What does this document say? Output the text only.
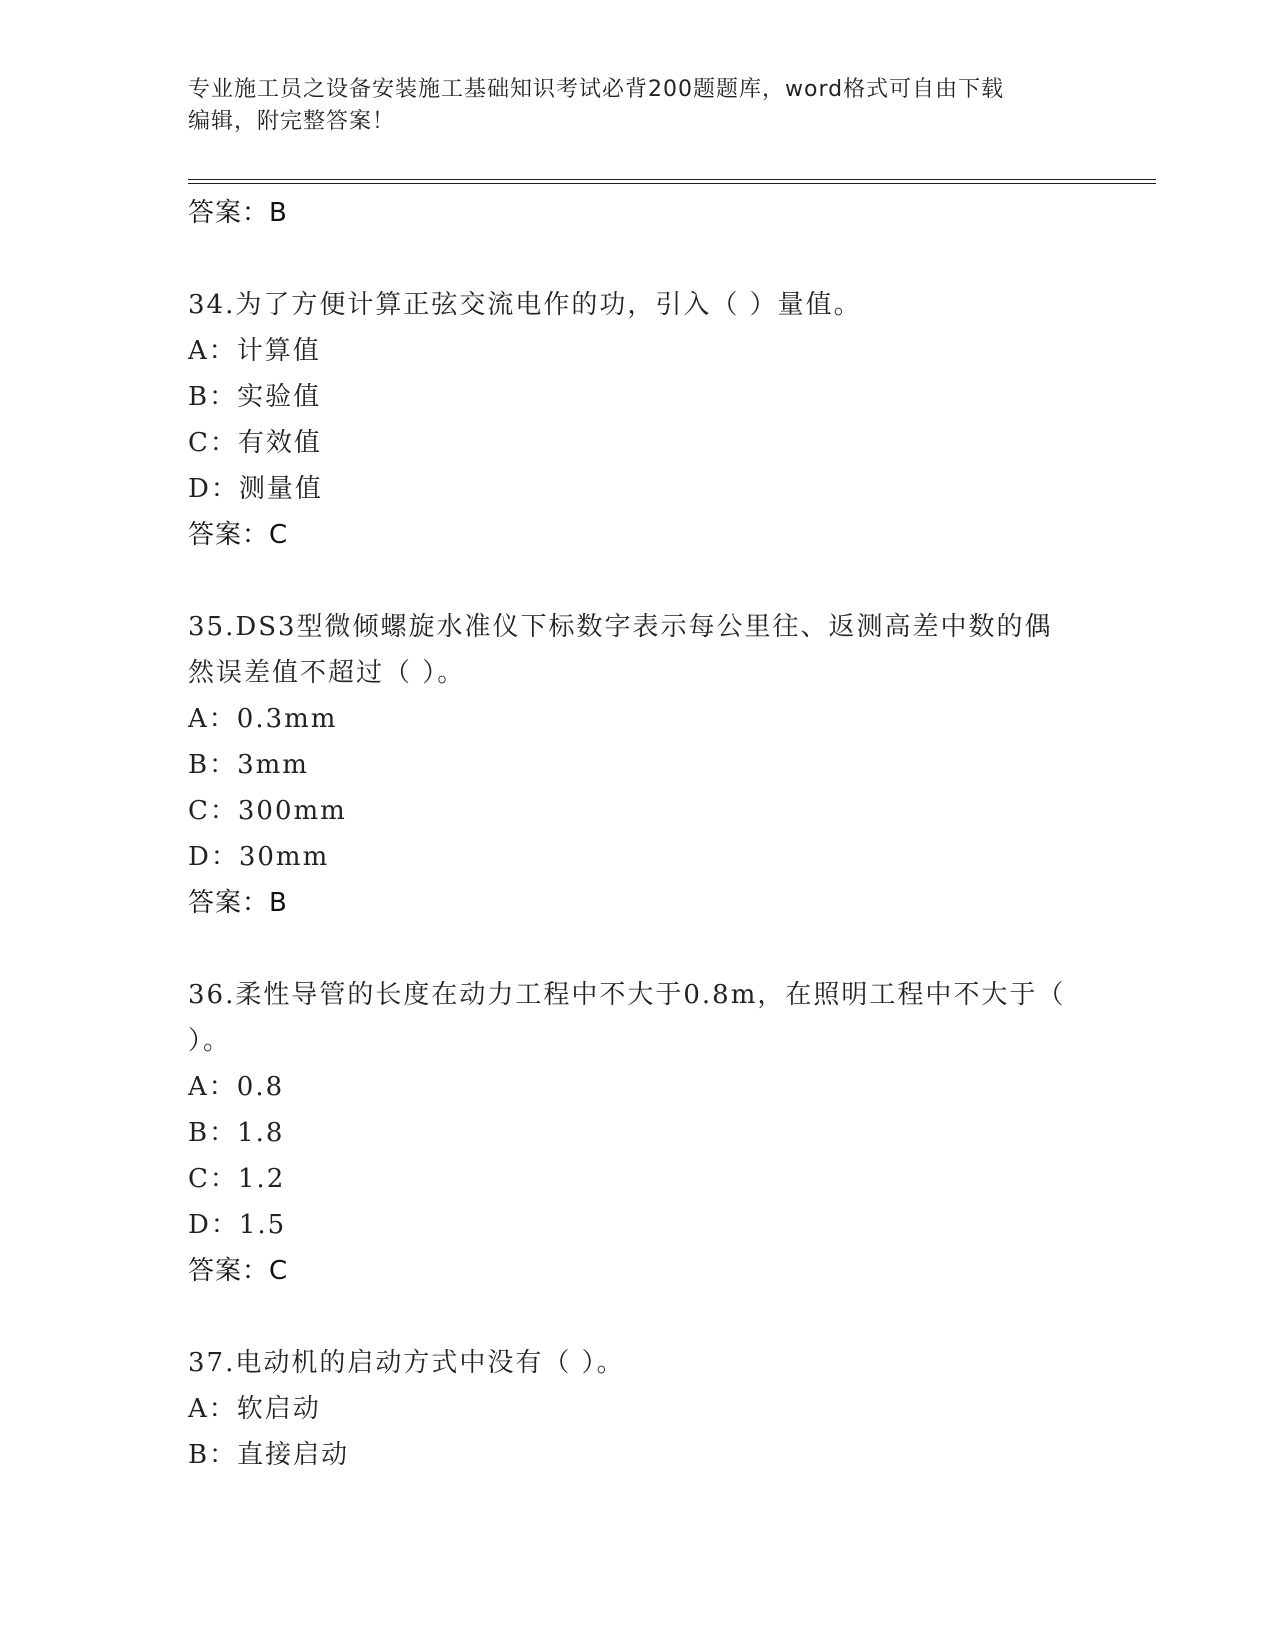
专业施工员之设备安装施工基础知识考试必背200题题库，word格式可自由下载
编辑，附完整答案！
答案：B
34.为了方便计算正弦交流电作的功，引入（ ）量值。
A：计算值
B：实验值
C：有效值
D：测量值
答案：C
35.DS3型微倾螺旋水准仪下标数字表示每公里往、返测高差中数的偶
然误差值不超过（ ）。
A：0.3mm
B：3mm
C：300mm
D：30mm
答案：B
36.柔性导管的长度在动力工程中不大于0.8m，在照明工程中不大于（
）。
A：0.8
B：1.8
C：1.2
D：1.5
答案：C
37.电动机的启动方式中没有（ ）。
A：软启动
B：直接启动
